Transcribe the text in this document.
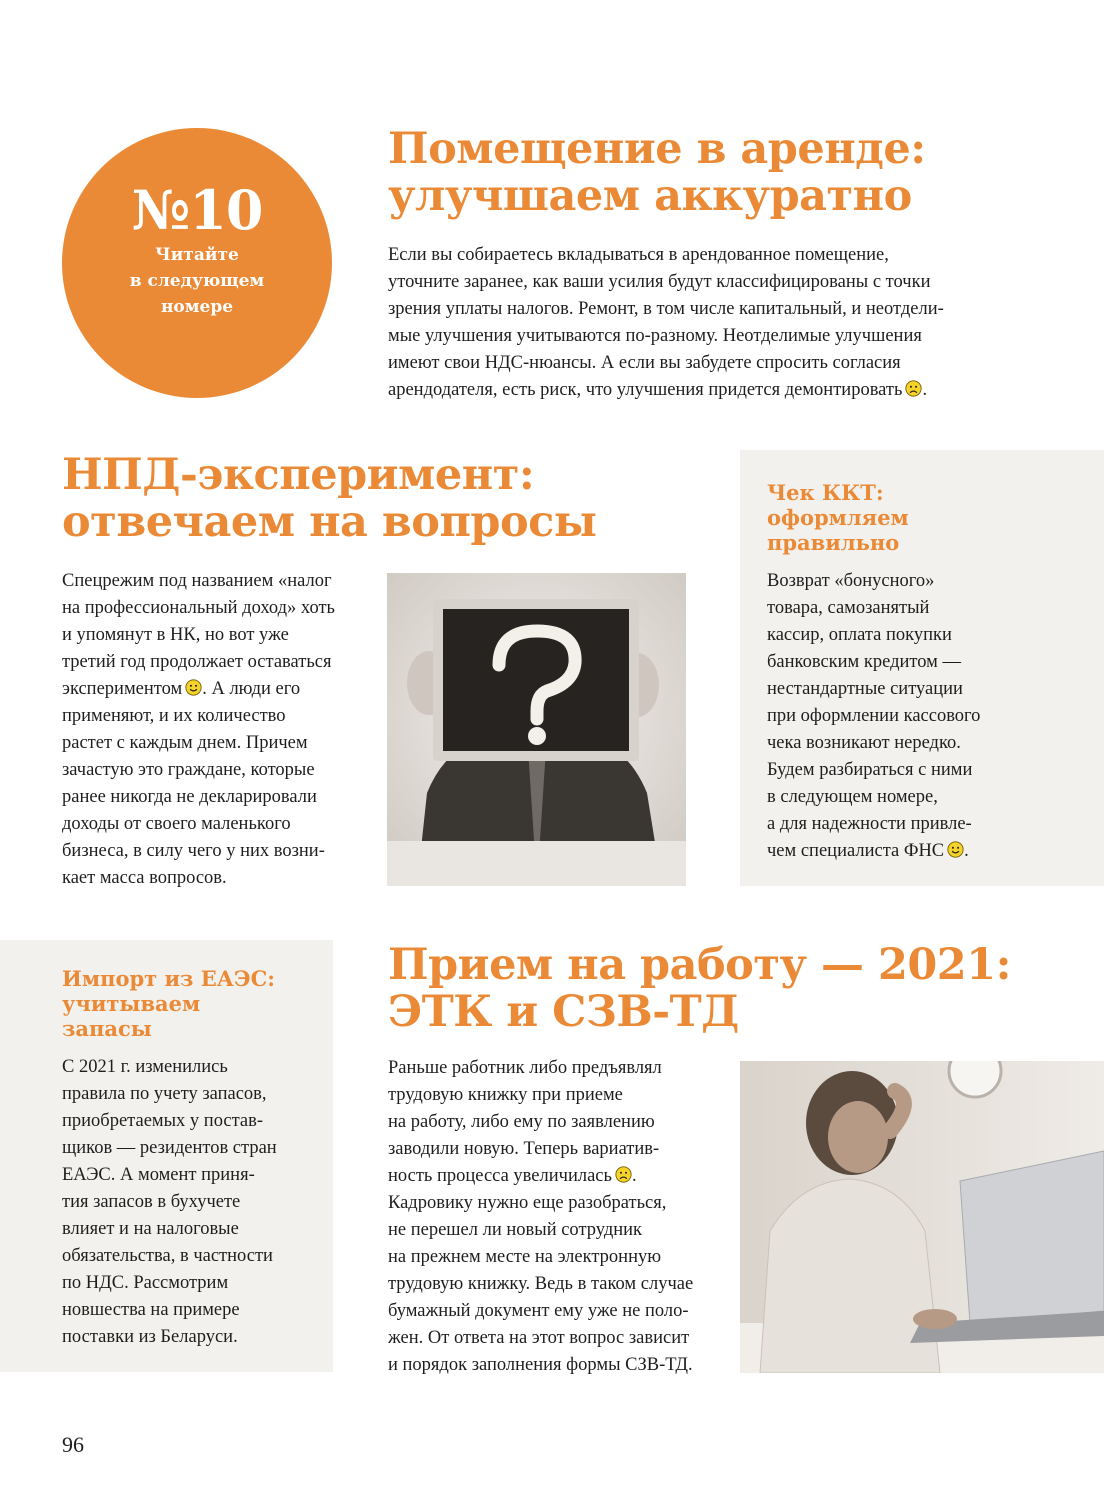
№10
Читайте
в следующем
номере
Помещение в аренде:
улучшаем аккуратно

Если вы собираетесь вкладываться в арендованное помещение,
уточните заранее, как ваши усилия будут классифицированы с точки
зрения уплаты налогов. Ремонт, в том числе капитальный, и неотдели-
мые улучшения учитываются по-разному. Неотделимые улучшения
имеют свои НДС-нюансы. А если вы забудете спросить согласия
арендодателя, есть риск, что улучшения придется демонтировать .

НПД-эксперимент:
отвечаем на вопросы

Спецрежим под названием «налог
на профессиональный доход» хоть
и упомянут в НК, но вот уже
третий год продолжает оставаться
экспериментом . А люди его
применяют, и их количество
растет с каждым днем. Причем
зачастую это граждане, которые
ранее никогда не декларировали
доходы от своего маленького
бизнеса, в силу чего у них возни-
кает масса вопросов.

Чек ККТ:
оформляем
правильно

Возврат «бонусного»
товара, самозанятый
кассир, оплата покупки
банковским кредитом —
нестандартные ситуации
при оформлении кассового
чека возникают нередко.
Будем разбираться с ними
в следующем номере,
а для надежности привле-
чем специалиста ФНС .

Импорт из ЕАЭС:
учитываем
запасы

С 2021 г. изменились
правила по учету запасов,
приобретаемых у постав-
щиков — резидентов стран
ЕАЭС. А момент приня-
тия запасов в бухучете
влияет и на налоговые
обязательства, в частности
по НДС. Рассмотрим
новшества на примере
поставки из Беларуси.

Прием на работу — 2021:
ЭТК и СЗВ-ТД

Раньше работник либо предъявлял
трудовую книжку при приеме
на работу, либо ему по заявлению
заводили новую. Теперь вариатив-
ность процесса увеличилась .
Кадровику нужно еще разобраться,
не перешел ли новый сотрудник
на прежнем месте на электронную
трудовую книжку. Ведь в таком случае
бумажный документ ему уже не поло-
жен. От ответа на этот вопрос зависит
и порядок заполнения формы СЗВ-ТД.

96
